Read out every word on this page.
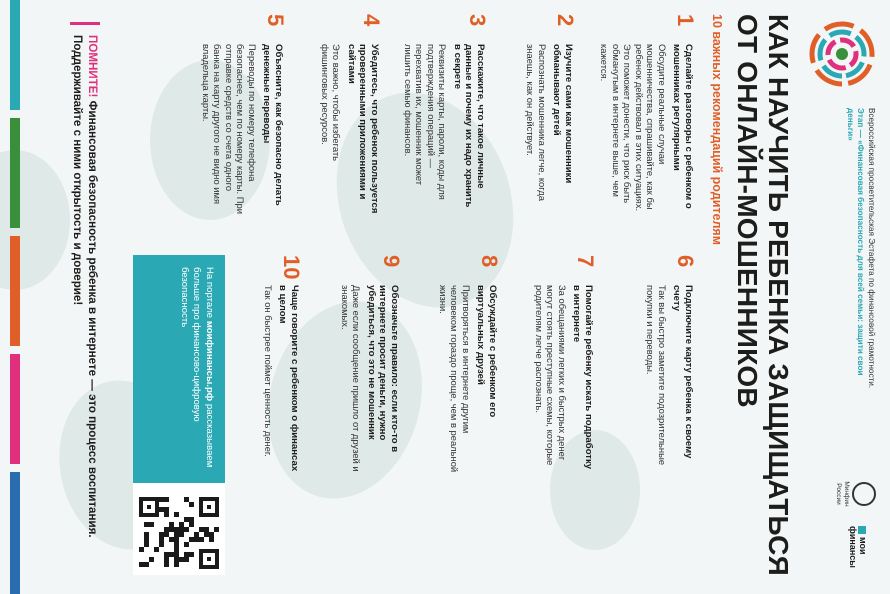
Всероссийская просветительская Эстафета по финансовой грамотности.
Этап — «Финансовая безопасность для всей семьи: защити свои деньги»
Минфин России
мои финансы
КАК НАУЧИТЬ РЕБЕНКА ЗАЩИЩАТЬСЯ ОТ ОНЛАЙН-МОШЕННИКОВ
10 важных рекомендаций родителям
1
Сделайте разговоры с ребенком о мошенниках регулярными
Обсудите реальные случаи мошенничества, спрашивайте, как бы ребенок действовал в этих ситуациях. Это поможет донести, что риск быть обманутым в интернете выше, чем кажется.
2
Изучите сами как мошенники обманывают детей
Распознать мошенника легче, когда знаешь, как он действует.
3
Расскажите, что такое личные данные и почему их надо хранить в секрете
Реквизиты карты, пароли, коды для подтверждения операций — перехватив их, мошенник может лишить семью финансов.
4
Убедитесь, что ребенок пользуется проверенными приложениями и сайтами
Это важно, чтобы избегать фишинговых ресурсов.
5
Объясните, как безопасно делать денежные переводы
Переводы по номеру телефона безопаснее, чем по номеру карты. При отправке средств со счета одного банка на карту другого не видно имя владельца карты.
6
Подключите карту ребенка к своему счету
Так вы быстро заметите подозрительные покупки и переводы.
7
Помогайте ребенку искать подработку в интернете
За обещаниями легких и быстрых денег могут стоять преступные схемы, которые родителям легче распознать.
8
Обсуждайте с ребенком его виртуальных друзей
Притворяться в интернете другим человеком гораздо проще, чем в реальной жизни.
9
Обозначьте правило: если кто-то в интернете просит деньги, нужно убедиться, что это не мошенник
Даже если сообщение пришло от друзей и знакомых.
10
Чаще говорите с ребенком о финансах в целом
Так он быстрее поймет ценность денег.
На портале моифинансы.рф рассказываем больше про финансово-цифровую безопасность
ПОМНИТЕ! Финансовая безопасность ребенка в интернете — это процесс воспитания. Поддерживайте с ними открытость и доверие!
